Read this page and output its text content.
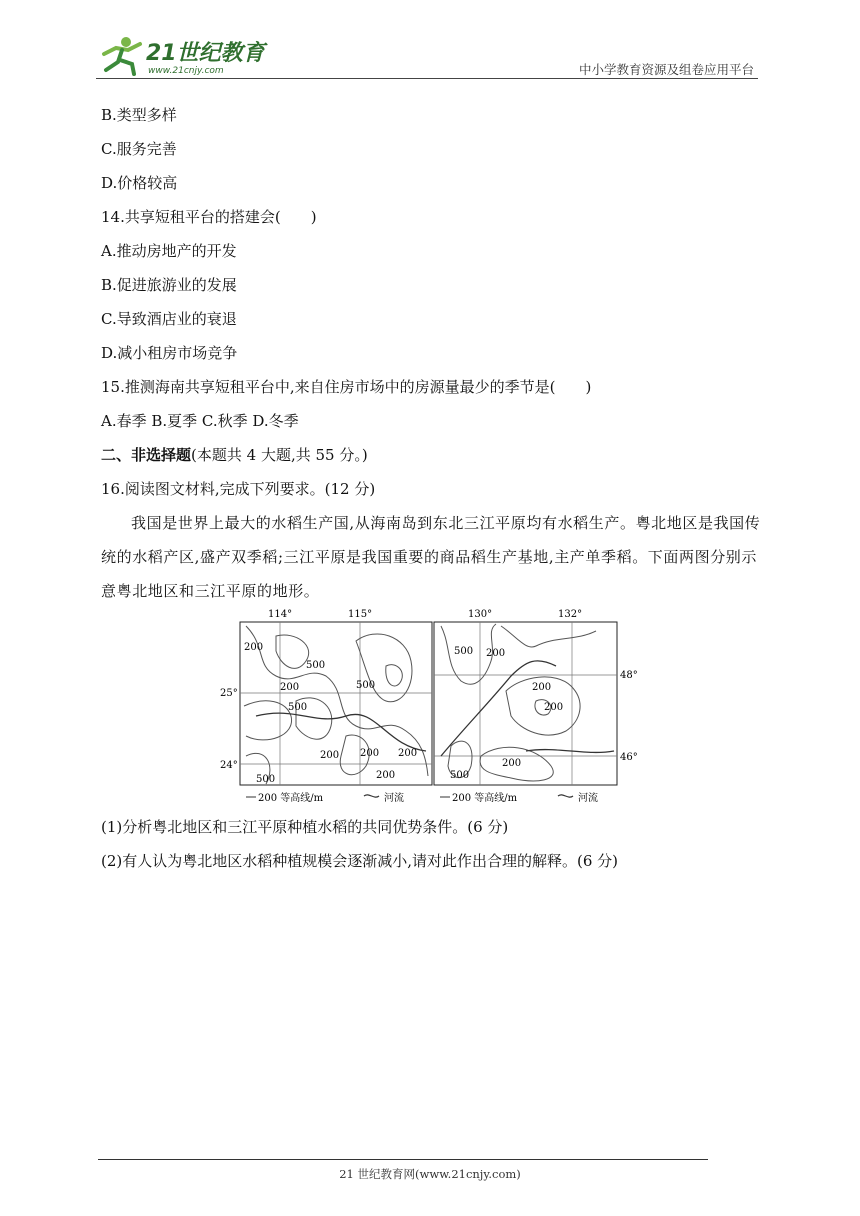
21世纪教育
www.21cnjy.com	中小学教育资源及组卷应用平台
B.类型多样
C.服务完善
D.价格较高
14.共享短租平台的搭建会(　　)
A.推动房地产的开发
B.促进旅游业的发展
C.导致酒店业的衰退
D.减小租房市场竞争
15.推测海南共享短租平台中,来自住房市场中的房源量最少的季节是(　　)
A.春季 B.夏季 C.秋季 D.冬季
二、非选择题(本题共 4 大题,共 55 分。)
16.阅读图文材料,完成下列要求。(12 分)
我国是世界上最大的水稻生产国,从海南岛到东北三江平原均有水稻生产。粤北地区是我国传统的水稻产区,盛产双季稻;三江平原是我国重要的商品稻生产基地,主产单季稻。下面两图分别示意粤北地区和三江平原的地形。
114°	115°
25°
24°
200
500
200
500
500
200 200 200
200
500
200 等高线/m	河流
130°	132°
48°
46°
500 200
200
200
500
200
200 等高线/m	河流
(1)分析粤北地区和三江平原种植水稻的共同优势条件。(6 分)
(2)有人认为粤北地区水稻种植规模会逐渐减小,请对此作出合理的解释。(6 分)
21 世纪教育网(www.21cnjy.com)
